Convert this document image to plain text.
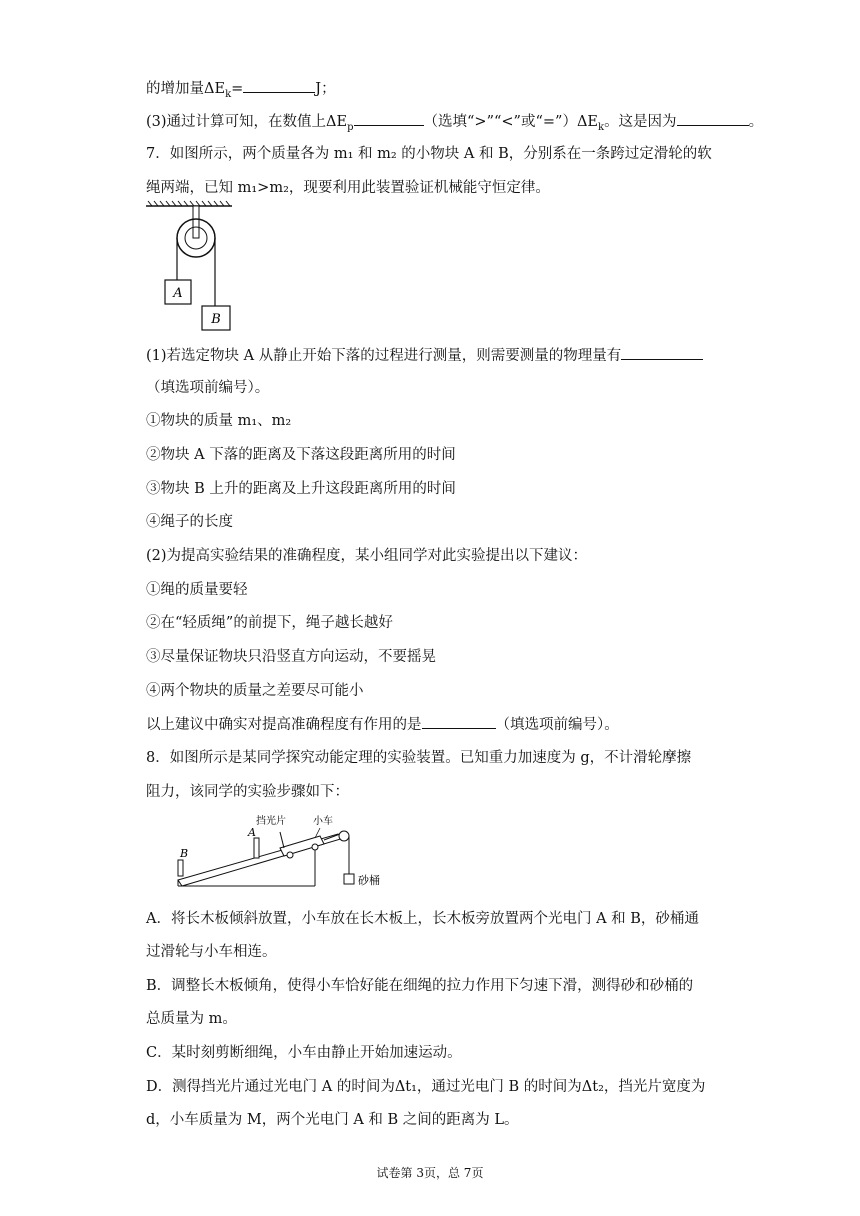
的增加量$\Delta E_k=$	J；
(3)通过计算可知，在数值上$\Delta E_p$	（选填“>”“<”或“$=”)\Delta E_k$。这是因为	。
7．如图所示，两个质量各为 m₁ 和 m₂ 的小物块 A 和 B，分别系在一条跨过定滑轮的软
绳两端，已知 m₁>m₂，现要利用此装置验证机械能守恒定律。
A
B
(1)若选定物块 A 从静止开始下落的过程进行测量，则需要测量的物理量有
（填选项前编号）。
①物块的质量 m₁、m₂
②物块 A 下落的距离及下落这段距离所用的时间
③物块 B 上升的距离及上升这段距离所用的时间
④绳子的长度
(2)为提高实验结果的准确程度，某小组同学对此实验提出以下建议：
①绳的质量要轻
②在“轻质绳”的前提下，绳子越长越好
③尽量保证物块只沿竖直方向运动，不要摇晃
④两个物块的质量之差要尽可能小
以上建议中确实对提高准确程度有作用的是	（填选项前编号）。
8．如图所示是某同学探究动能定理的实验装置。已知重力加速度为 g，不计滑轮摩擦
阻力，该同学的实验步骤如下：
B
A
挡光片	小车
砂桶
A．将长木板倾斜放置，小车放在长木板上，长木板旁放置两个光电门 A 和 B，砂桶通
过滑轮与小车相连。
B．调整长木板倾角，使得小车恰好能在细绳的拉力作用下匀速下滑，测得砂和砂桶的
总质量为 m。
C．某时刻剪断细绳，小车由静止开始加速运动。
D．测得挡光片通过光电门 A 的时间为Δt₁，通过光电门 B 的时间为Δt₂，挡光片宽度为
d，小车质量为 M，两个光电门 A 和 B 之间的距离为 L。
试卷第 3页，总 7页
